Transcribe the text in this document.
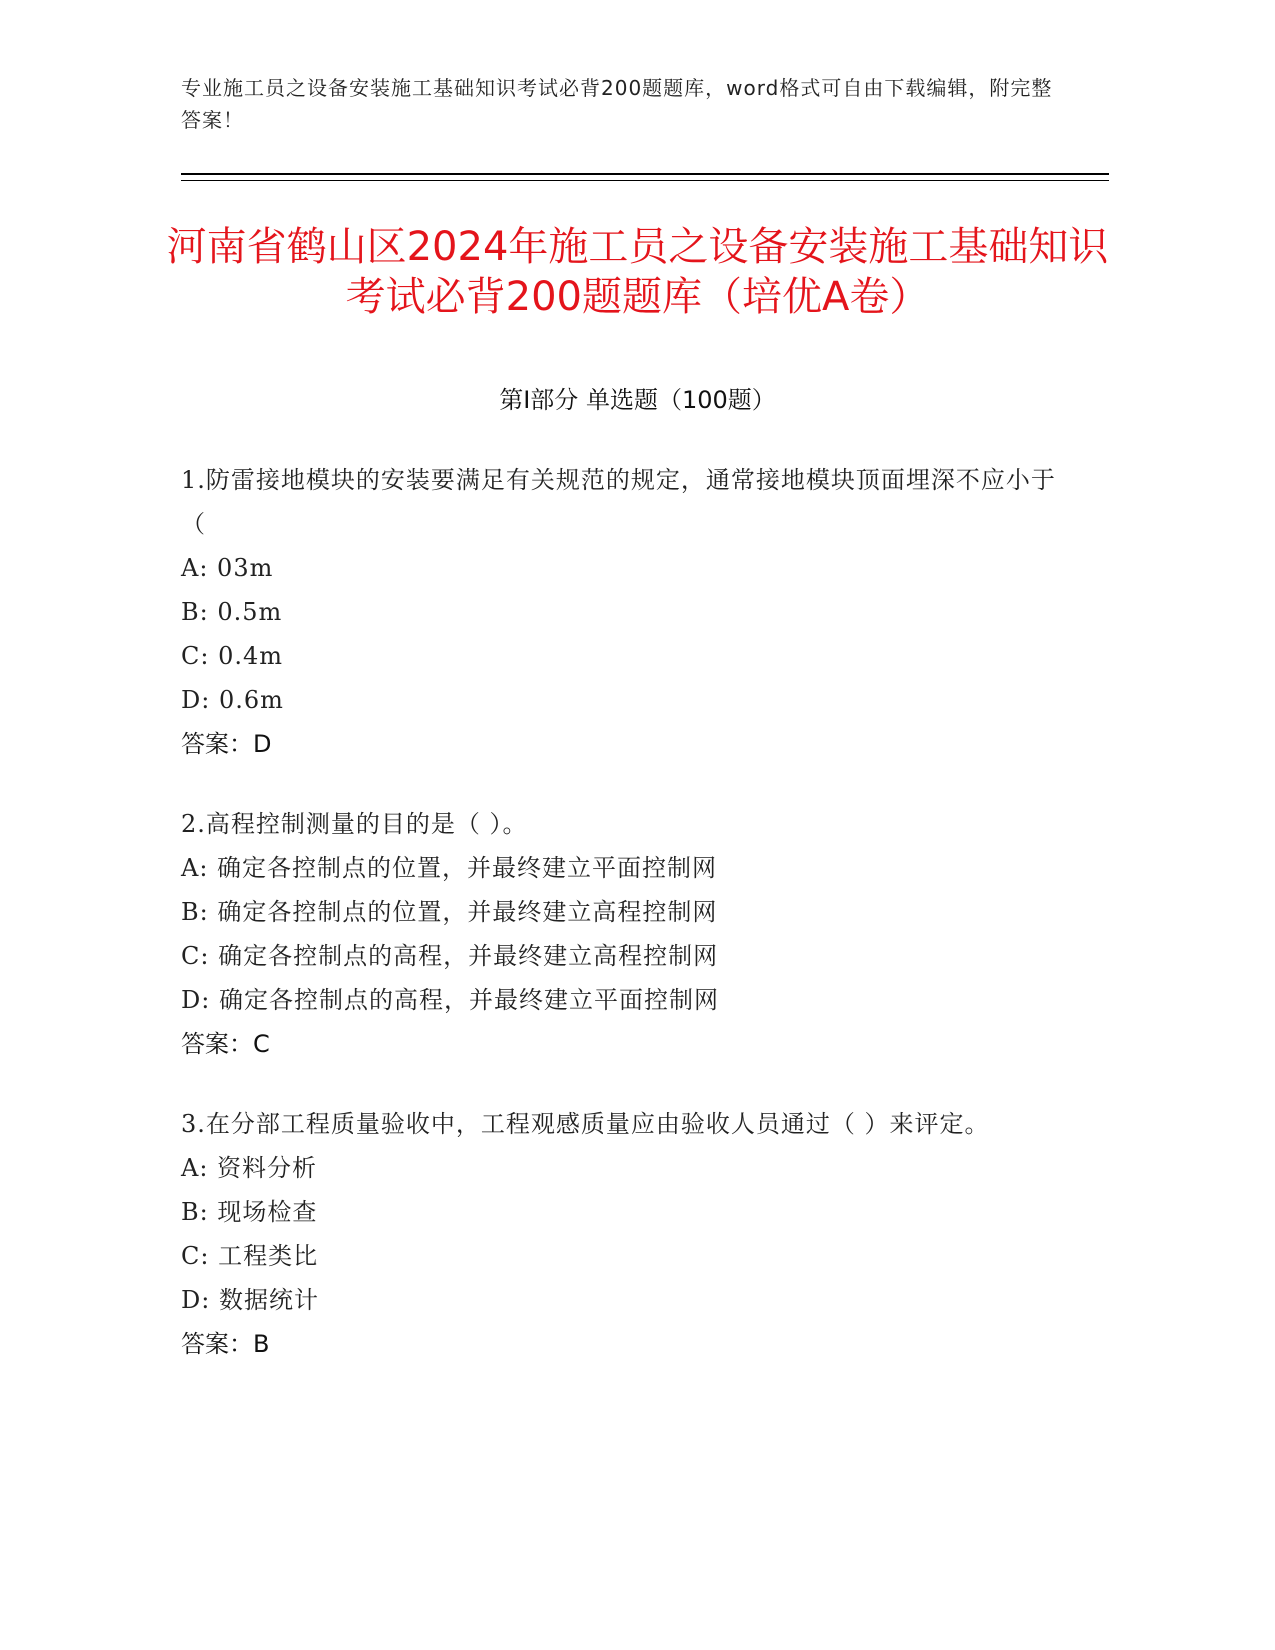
专业施工员之设备安装施工基础知识考试必背200题题库，word格式可自由下载编辑，附完整答案！
河南省鹤山区2024年施工员之设备安装施工基础知识考试必背200题题库（培优A卷）
第Ⅰ部分 单选题（100题）
1.防雷接地模块的安装要满足有关规范的规定，通常接地模块顶面埋深不应小于（
A: 03m
B: 0.5m
C: 0.4m
D: 0.6m
答案：D
2.高程控制测量的目的是（ ）。
A: 确定各控制点的位置，并最终建立平面控制网
B: 确定各控制点的位置，并最终建立高程控制网
C: 确定各控制点的高程，并最终建立高程控制网
D: 确定各控制点的高程，并最终建立平面控制网
答案：C
3.在分部工程质量验收中，工程观感质量应由验收人员通过（ ）来评定。
A: 资料分析
B: 现场检查
C: 工程类比
D: 数据统计
答案：B
